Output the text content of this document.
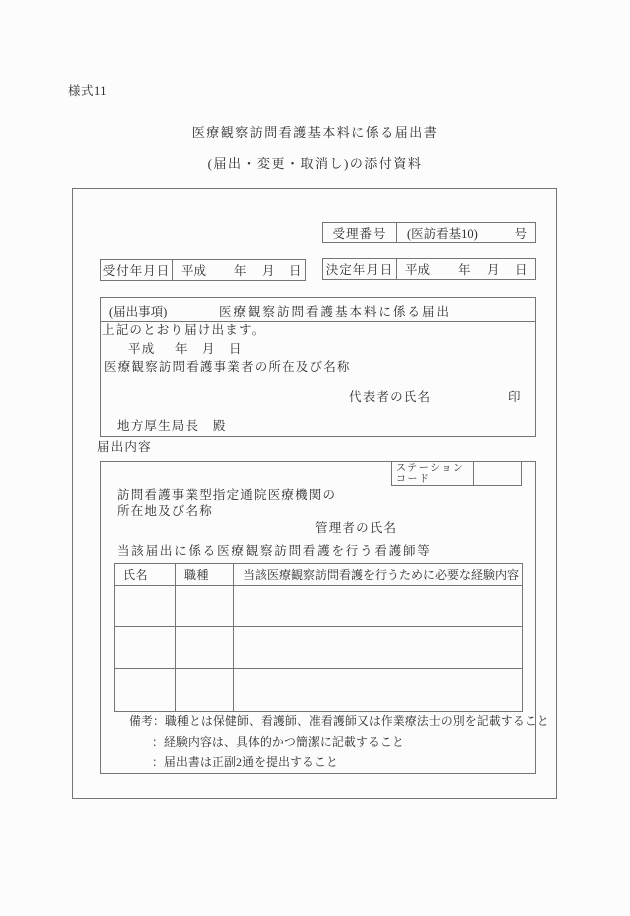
様式11
医療観察訪問看護基本料に係る届出書
(届出・変更・取消し)の添付資料
受理番号	(医訪看基10)	号
受付年月日 平成 年 月 日 決定年月日 平成 年 月 日
(届出事項)	医療観察訪問看護基本料に係る届出
上記のとおり届け出ます。
平成 年 月 日
医療観察訪問看護事業者の所在及び名称
代表者の氏名	印
地方厚生局長　殿
届出内容
ステーション
コード
訪問看護事業型指定通院医療機関の
所在地及び名称
管理者の氏名
当該届出に係る医療観察訪問看護を行う看護師等
氏名	職種	当該医療観察訪問看護を行うために必要な経験内容
備考：職種とは保健師、看護師、准看護師又は作業療法士の別を記載すること
：経験内容は、具体的かつ簡潔に記載すること
：届出書は正副2通を提出すること
